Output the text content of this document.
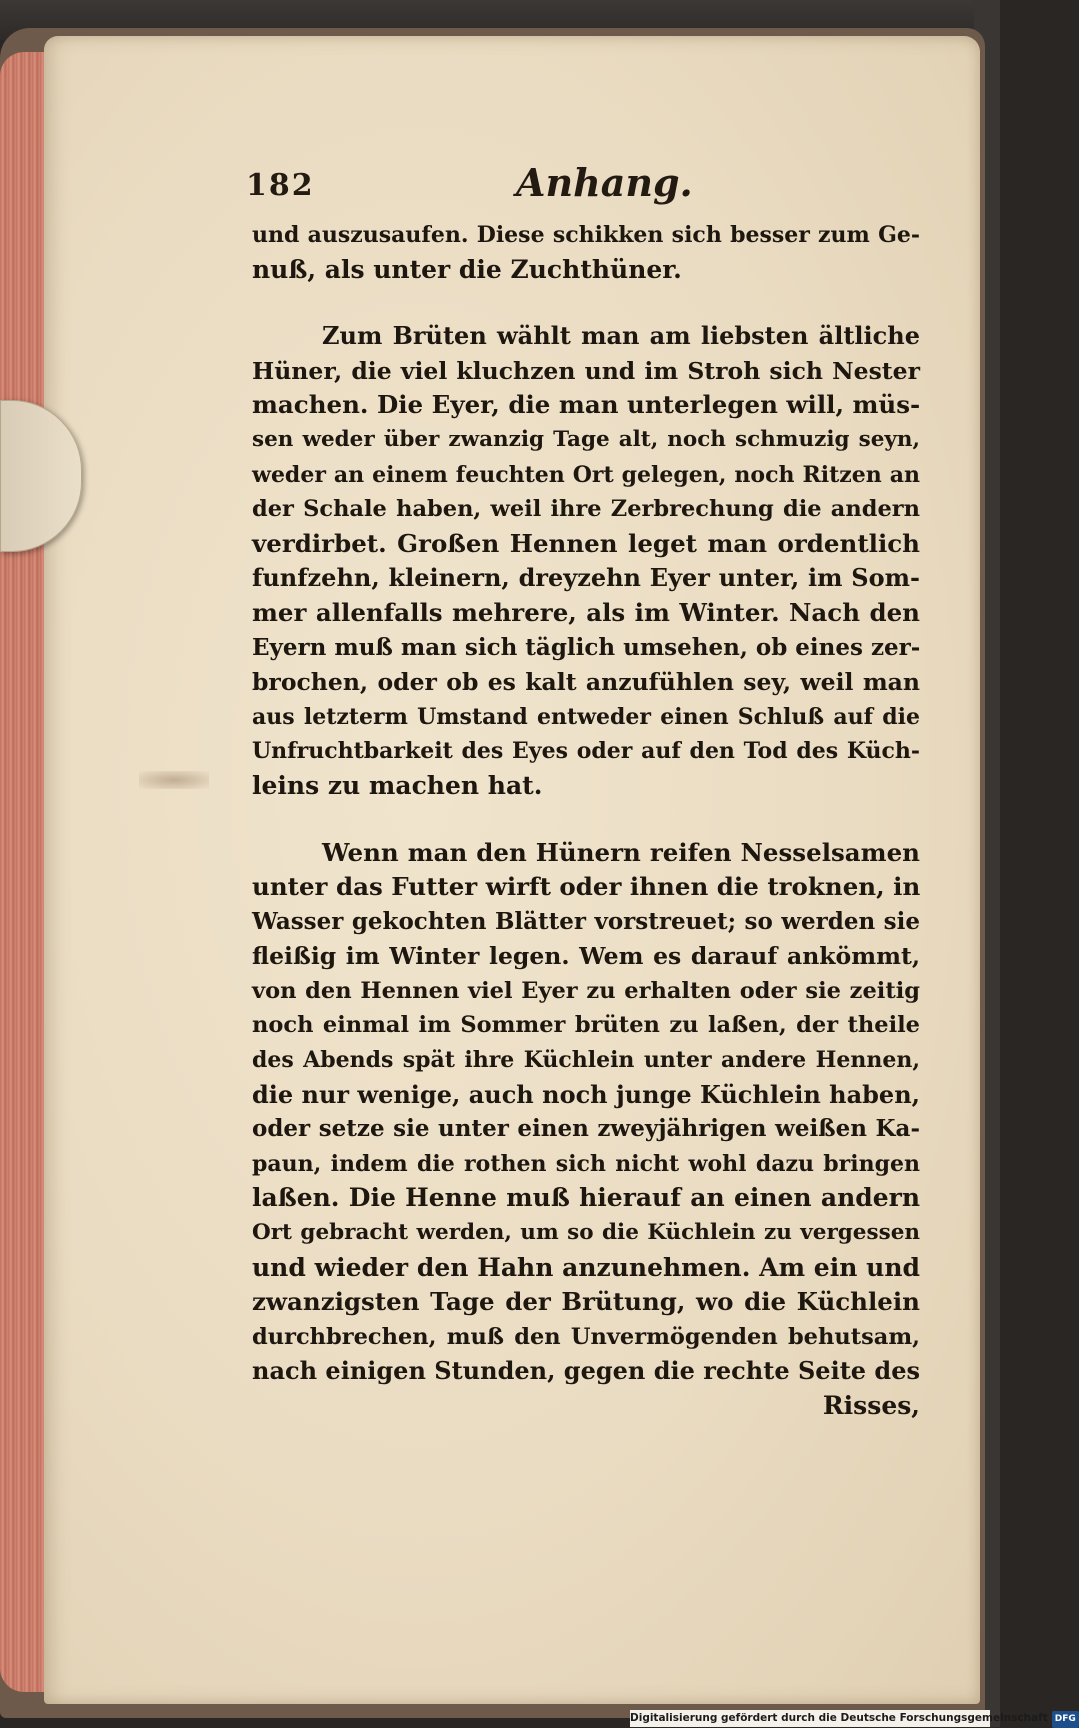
182	Anhang.
und auszusaufen. Diese schikken sich besser zum Ge-
nuß, als unter die Zuchthüner.
Zum Brüten wählt man am liebsten ältliche
Hüner, die viel kluchzen und im Stroh sich Nester
machen. Die Eyer, die man unterlegen will, müs-
sen weder über zwanzig Tage alt, noch schmuzig seyn,
weder an einem feuchten Ort gelegen, noch Ritzen an
der Schale haben, weil ihre Zerbrechung die andern
verdirbet. Großen Hennen leget man ordentlich
funfzehn, kleinern, dreyzehn Eyer unter, im Som-
mer allenfalls mehrere, als im Winter. Nach den
Eyern muß man sich täglich umsehen, ob eines zer-
brochen, oder ob es kalt anzufühlen sey, weil man
aus letzterm Umstand entweder einen Schluß auf die
Unfruchtbarkeit des Eyes oder auf den Tod des Küch-
leins zu machen hat.
Wenn man den Hünern reifen Nesselsamen
unter das Futter wirft oder ihnen die troknen, in
Wasser gekochten Blätter vorstreuet; so werden sie
fleißig im Winter legen. Wem es darauf ankömmt,
von den Hennen viel Eyer zu erhalten oder sie zeitig
noch einmal im Sommer brüten zu laßen, der theile
des Abends spät ihre Küchlein unter andere Hennen,
die nur wenige, auch noch junge Küchlein haben,
oder setze sie unter einen zweyjährigen weißen Ka-
paun, indem die rothen sich nicht wohl dazu bringen
laßen. Die Henne muß hierauf an einen andern
Ort gebracht werden, um so die Küchlein zu vergessen
und wieder den Hahn anzunehmen. Am ein und
zwanzigsten Tage der Brütung, wo die Küchlein
durchbrechen, muß den Unvermögenden behutsam,
nach einigen Stunden, gegen die rechte Seite des
Risses,
Digitalisierung gefördert durch die Deutsche Forschungsgemeinschaft DFG
